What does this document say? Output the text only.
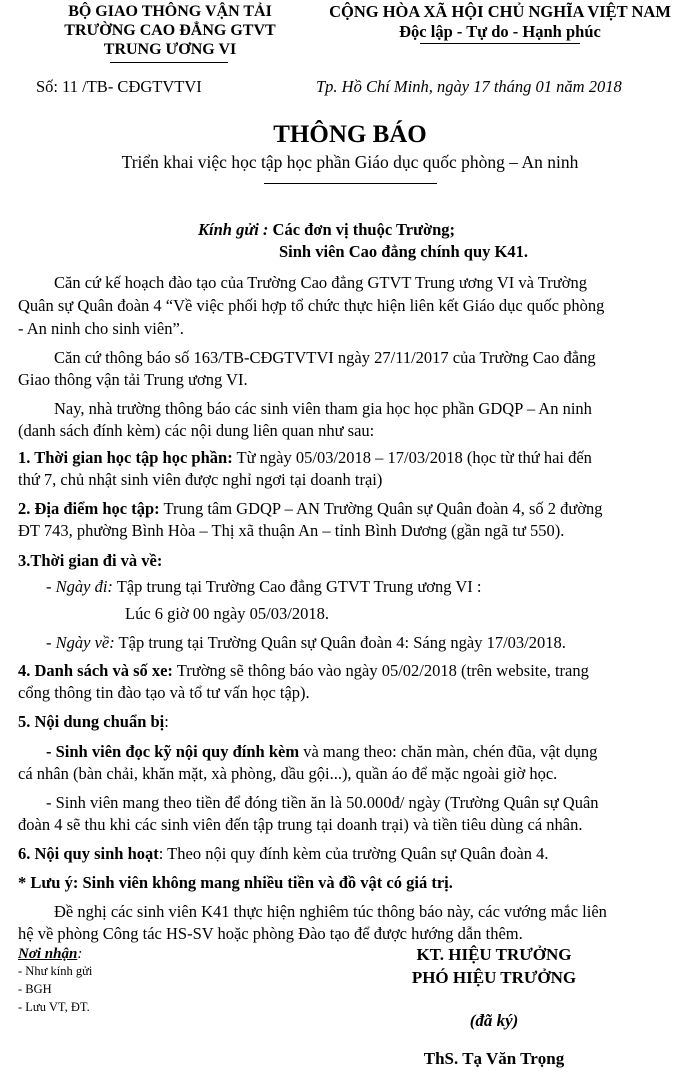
BỘ GIAO THÔNG VẬN TẢI
TRƯỜNG CAO ĐẲNG GTVT
TRUNG ƯƠNG VI
CỘNG HÒA XÃ HỘI CHỦ NGHĨA VIỆT NAM
Độc lập - Tự do - Hạnh phúc
Số: 11 /TB- CĐGTVTVI	Tp. Hồ Chí Minh, ngày 17 tháng 01 năm 2018
THÔNG BÁO
Triển khai việc học tập học phần Giáo dục quốc phòng – An ninh
Kính gửi : Các đơn vị thuộc Trường;
Sinh viên Cao đẳng chính quy K41.
Căn cứ kế hoạch đào tạo của Trường Cao đẳng GTVT Trung ương VI và Trường
Quân sự Quân đoàn 4 “Về việc phối hợp tổ chức thực hiện liên kết Giáo dục quốc phòng
- An ninh cho sinh viên”.
Căn cứ thông báo số 163/TB-CĐGTVTVI ngày 27/11/2017 của Trường Cao đẳng
Giao thông vận tải Trung ương VI.
Nay, nhà trường thông báo các sinh viên tham gia học học phần GDQP – An ninh
(danh sách đính kèm) các nội dung liên quan như sau:
1. Thời gian học tập học phần: Từ ngày 05/03/2018 – 17/03/2018 (học từ thứ hai đến
thứ 7, chủ nhật sinh viên được nghỉ ngơi tại doanh trại)
2. Địa điểm học tập: Trung tâm GDQP – AN Trường Quân sự Quân đoàn 4, số 2 đường
ĐT 743, phường Bình Hòa – Thị xã thuận An – tỉnh Bình Dương (gần ngã tư 550).
3.Thời gian đi và về:
- Ngày đi: Tập trung tại Trường Cao đẳng GTVT Trung ương VI :
Lúc 6 giờ 00 ngày 05/03/2018.
- Ngày về: Tập trung tại Trường Quân sự Quân đoàn 4: Sáng ngày 17/03/2018.
4. Danh sách và số xe: Trường sẽ thông báo vào ngày 05/02/2018 (trên website, trang
cổng thông tin đào tạo và tổ tư vấn học tập).
5. Nội dung chuẩn bị:
- Sinh viên đọc kỹ nội quy đính kèm và mang theo: chăn màn, chén đũa, vật dụng
cá nhân (bàn chải, khăn mặt, xà phòng, dầu gội...), quần áo để mặc ngoài giờ học.
- Sinh viên mang theo tiền để đóng tiền ăn là 50.000đ/ ngày (Trường Quân sự Quân
đoàn 4 sẽ thu khi các sinh viên đến tập trung tại doanh trại) và tiền tiêu dùng cá nhân.
6. Nội quy sinh hoạt: Theo nội quy đính kèm của trường Quân sự Quân đoàn 4.
* Lưu ý: Sinh viên không mang nhiều tiền và đồ vật có giá trị.
Đề nghị các sinh viên K41 thực hiện nghiêm túc thông báo này, các vướng mắc liên
hệ về phòng Công tác HS-SV hoặc phòng Đào tạo để được hướng dẫn thêm.
Nơi nhận:
- Như kính gửi
- BGH
- Lưu VT, ĐT.
KT. HIỆU TRƯỞNG
PHÓ HIỆU TRƯỞNG
(đã ký)
ThS. Tạ Văn Trọng
